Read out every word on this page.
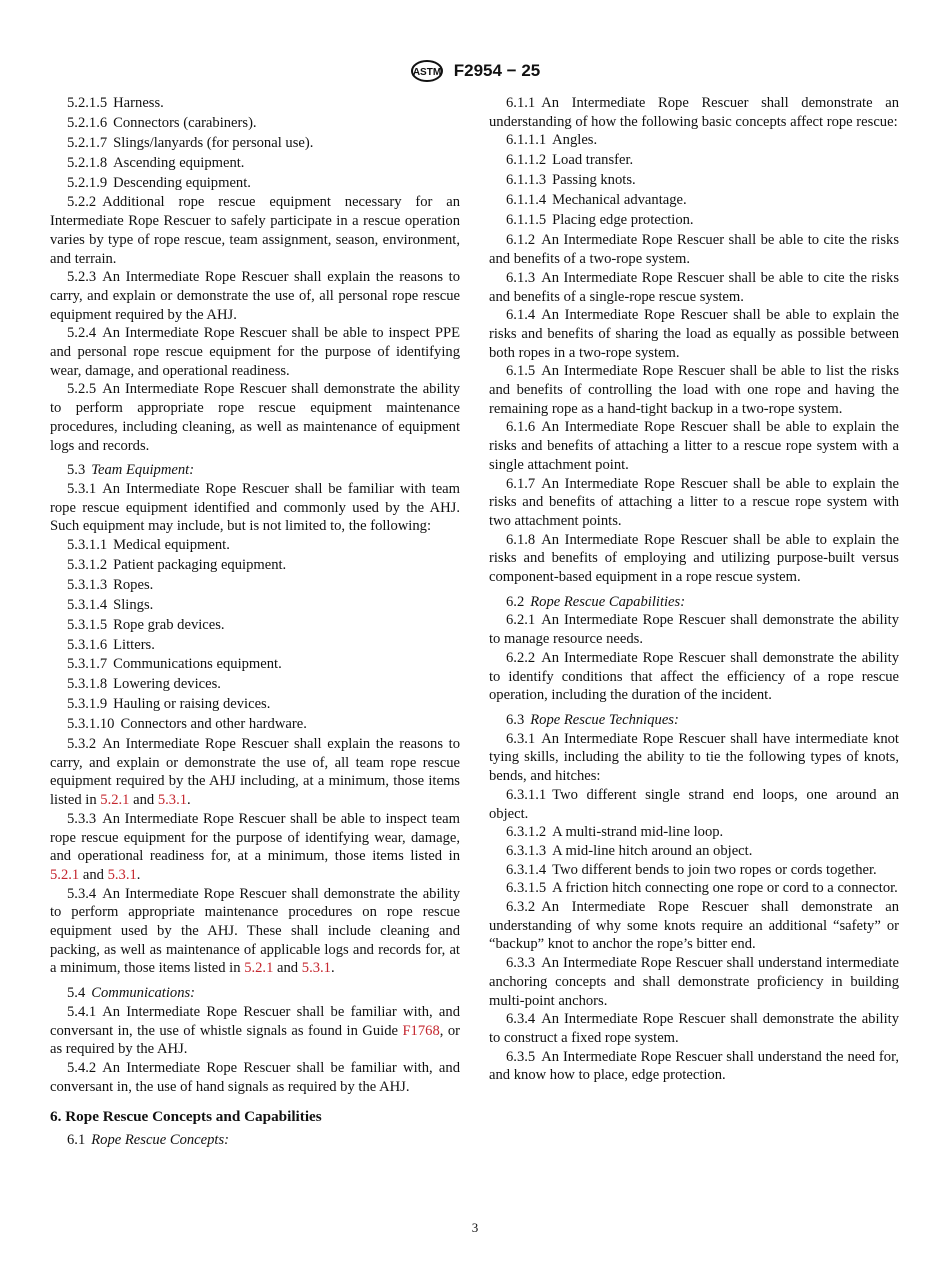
ASTM F2954 − 25
5.2.1.5 Harness.
5.2.1.6 Connectors (carabiners).
5.2.1.7 Slings/lanyards (for personal use).
5.2.1.8 Ascending equipment.
5.2.1.9 Descending equipment.

5.2.2 Additional rope rescue equipment necessary for an Intermediate Rope Rescuer to safely participate in a rescue operation varies by type of rope rescue, team assignment, season, environment, and terrain.

5.2.3 An Intermediate Rope Rescuer shall explain the reasons to carry, and explain or demonstrate the use of, all personal rope rescue equipment required by the AHJ.

5.2.4 An Intermediate Rope Rescuer shall be able to inspect PPE and personal rope rescue equipment for the purpose of identifying wear, damage, and operational readiness.

5.2.5 An Intermediate Rope Rescuer shall demonstrate the ability to perform appropriate rope rescue equipment maintenance procedures, including cleaning, as well as maintenance of equipment logs and records.

5.3 Team Equipment:

5.3.1 An Intermediate Rope Rescuer shall be familiar with team rope rescue equipment identified and commonly used by the AHJ. Such equipment may include, but is not limited to, the following:

5.3.1.1 Medical equipment.
5.3.1.2 Patient packaging equipment.
5.3.1.3 Ropes.
5.3.1.4 Slings.
5.3.1.5 Rope grab devices.
5.3.1.6 Litters.
5.3.1.7 Communications equipment.
5.3.1.8 Lowering devices.
5.3.1.9 Hauling or raising devices.
5.3.1.10 Connectors and other hardware.

5.3.2 An Intermediate Rope Rescuer shall explain the reasons to carry, and explain or demonstrate the use of, all team rope rescue equipment required by the AHJ including, at a minimum, those items listed in 5.2.1 and 5.3.1.

5.3.3 An Intermediate Rope Rescuer shall be able to inspect team rope rescue equipment for the purpose of identifying wear, damage, and operational readiness for, at a minimum, those items listed in 5.2.1 and 5.3.1.

5.3.4 An Intermediate Rope Rescuer shall demonstrate the ability to perform appropriate maintenance procedures on rope rescue equipment used by the AHJ. These shall include cleaning and packing, as well as maintenance of applicable logs and records for, at a minimum, those items listed in 5.2.1 and 5.3.1.

5.4 Communications:

5.4.1 An Intermediate Rope Rescuer shall be familiar with, and conversant in, the use of whistle signals as found in Guide F1768, or as required by the AHJ.

5.4.2 An Intermediate Rope Rescuer shall be familiar with, and conversant in, the use of hand signals as required by the AHJ.

6. Rope Rescue Concepts and Capabilities

6.1 Rope Rescue Concepts:

6.1.1 An Intermediate Rope Rescuer shall demonstrate an understanding of how the following basic concepts affect rope rescue:

6.1.1.1 Angles.
6.1.1.2 Load transfer.
6.1.1.3 Passing knots.
6.1.1.4 Mechanical advantage.
6.1.1.5 Placing edge protection.

6.1.2 An Intermediate Rope Rescuer shall be able to cite the risks and benefits of a two-rope system.

6.1.3 An Intermediate Rope Rescuer shall be able to cite the risks and benefits of a single-rope rescue system.

6.1.4 An Intermediate Rope Rescuer shall be able to explain the risks and benefits of sharing the load as equally as possible between both ropes in a two-rope system.

6.1.5 An Intermediate Rope Rescuer shall be able to list the risks and benefits of controlling the load with one rope and having the remaining rope as a hand-tight backup in a two-rope system.

6.1.6 An Intermediate Rope Rescuer shall be able to explain the risks and benefits of attaching a litter to a rescue rope system with a single attachment point.

6.1.7 An Intermediate Rope Rescuer shall be able to explain the risks and benefits of attaching a litter to a rescue rope system with two attachment points.

6.1.8 An Intermediate Rope Rescuer shall be able to explain the risks and benefits of employing and utilizing purpose-built versus component-based equipment in a rope rescue system.

6.2 Rope Rescue Capabilities:

6.2.1 An Intermediate Rope Rescuer shall demonstrate the ability to manage resource needs.

6.2.2 An Intermediate Rope Rescuer shall demonstrate the ability to identify conditions that affect the efficiency of a rope rescue operation, including the duration of the incident.

6.3 Rope Rescue Techniques:

6.3.1 An Intermediate Rope Rescuer shall have intermediate knot tying skills, including the ability to tie the following types of knots, bends, and hitches:

6.3.1.1 Two different single strand end loops, one around an object.

6.3.1.2 A multi-strand mid-line loop.

6.3.1.3 A mid-line hitch around an object.

6.3.1.4 Two different bends to join two ropes or cords together.

6.3.1.5 A friction hitch connecting one rope or cord to a connector.

6.3.2 An Intermediate Rope Rescuer shall demonstrate an understanding of why some knots require an additional “safety” or “backup” knot to anchor the rope’s bitter end.

6.3.3 An Intermediate Rope Rescuer shall understand intermediate anchoring concepts and shall demonstrate proficiency in building multi-point anchors.

6.3.4 An Intermediate Rope Rescuer shall demonstrate the ability to construct a fixed rope system.

6.3.5 An Intermediate Rope Rescuer shall understand the need for, and know how to place, edge protection.

3
